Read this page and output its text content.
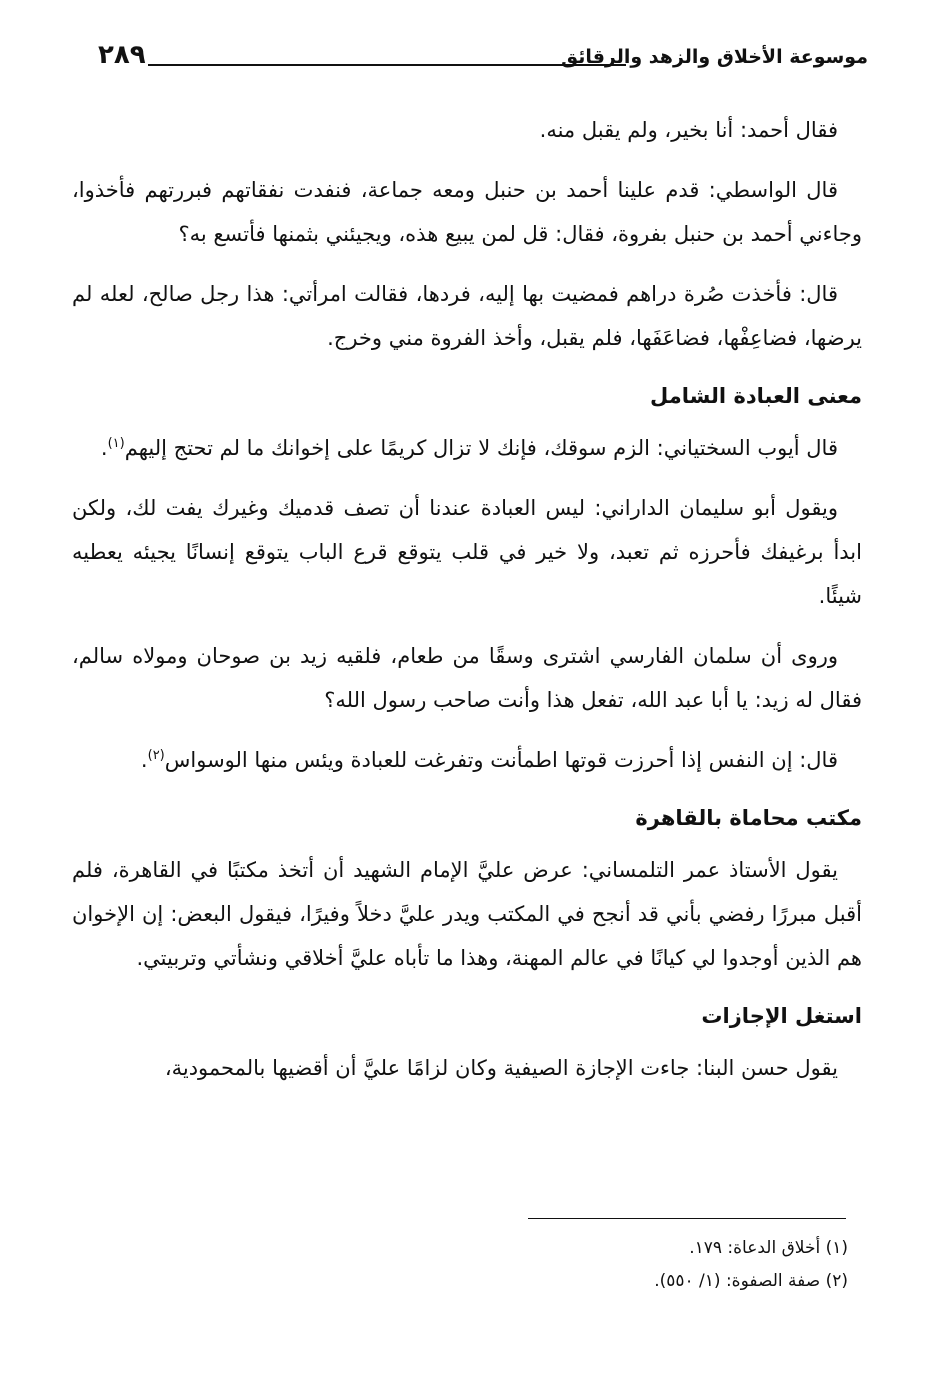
موسوعة الأخلاق والزهد والرقائق
٢٨٩

فقال أحمد: أنا بخير، ولم يقبل منه.

قال الواسطي: قدم علينا أحمد بن حنبل ومعه جماعة، فنفدت نفقاتهم فبررتهم فأخذوا، وجاءني أحمد بن حنبل بفروة، فقال: قل لمن يبيع هذه، ويجيئني بثمنها فأتسع به؟

قال: فأخذت صُرة دراهم فمضيت بها إليه، فردها، فقالت امرأتي: هذا رجل صالح، لعله لم يرضها، فضاعِفْها، فضاعَفَها، فلم يقبل، وأخذ الفروة مني وخرج.

معنى العبادة الشامل

قال أيوب السختياني: الزم سوقك، فإنك لا تزال كريمًا على إخوانك ما لم تحتج إليهم$^{(١)}$.

ويقول أبو سليمان الداراني: ليس العبادة عندنا أن تصف قدميك وغيرك يفت لك، ولكن ابدأ برغيفك فأحرزه ثم تعبد، ولا خير في قلب يتوقع قرع الباب يتوقع إنسانًا يجيئه يعطيه شيئًا.

وروى أن سلمان الفارسي اشترى وسقًا من طعام، فلقيه زيد بن صوحان ومولاه سالم، فقال له زيد: يا أبا عبد الله، تفعل هذا وأنت صاحب رسول الله؟

قال: إن النفس إذا أحرزت قوتها اطمأنت وتفرغت للعبادة ويئس منها الوسواس$^{(٢)}$.

مكتب محاماة بالقاهرة

يقول الأستاذ عمر التلمساني: عرض عليَّ الإمام الشهيد أن أتخذ مكتبًا في القاهرة، فلم أقبل مبررًا رفضي بأني قد أنجح في المكتب ويدر عليَّ دخلاً وفيرًا، فيقول البعض: إن الإخوان هم الذين أوجدوا لي كيانًا في عالم المهنة، وهذا ما تأباه عليَّ أخلاقي ونشأتي وتربيتي.

استغل الإجازات

يقول حسن البنا: جاءت الإجازة الصيفية وكان لزامًا عليَّ أن أقضيها بالمحمودية،

(١) أخلاق الدعاة: ١٧٩.

(٢) صفة الصفوة: (١/ ٥٥٠).
